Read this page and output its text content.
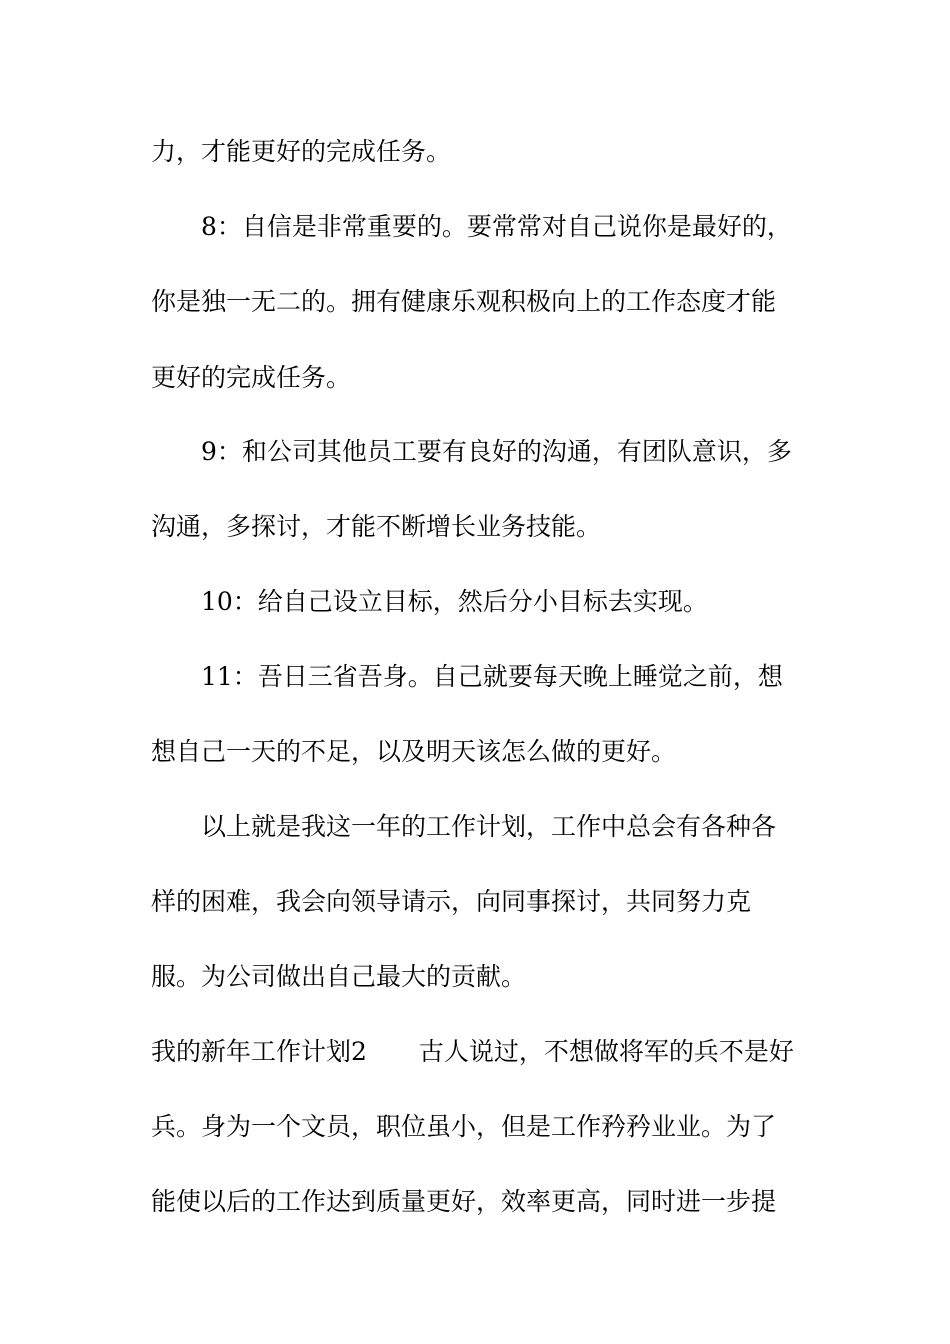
力，才能更好的完成任务。
8：自信是非常重要的。要常常对自己说你是最好的，
你是独一无二的。拥有健康乐观积极向上的工作态度才能
更好的完成任务。
9：和公司其他员工要有良好的沟通，有团队意识，多
沟通，多探讨，才能不断增长业务技能。
10：给自己设立目标，然后分小目标去实现。
11：吾日三省吾身。自己就要每天晚上睡觉之前，想
想自己一天的不足，以及明天该怎么做的更好。
以上就是我这一年的工作计划，工作中总会有各种各
样的困难，我会向领导请示，向同事探讨，共同努力克
服。为公司做出自己最大的贡献。
我的新年工作计划2 古人说过，不想做将军的兵不是好
兵。身为一个文员，职位虽小，但是工作矜矜业业。为了
能使以后的工作达到质量更好，效率更高，同时进一步提
